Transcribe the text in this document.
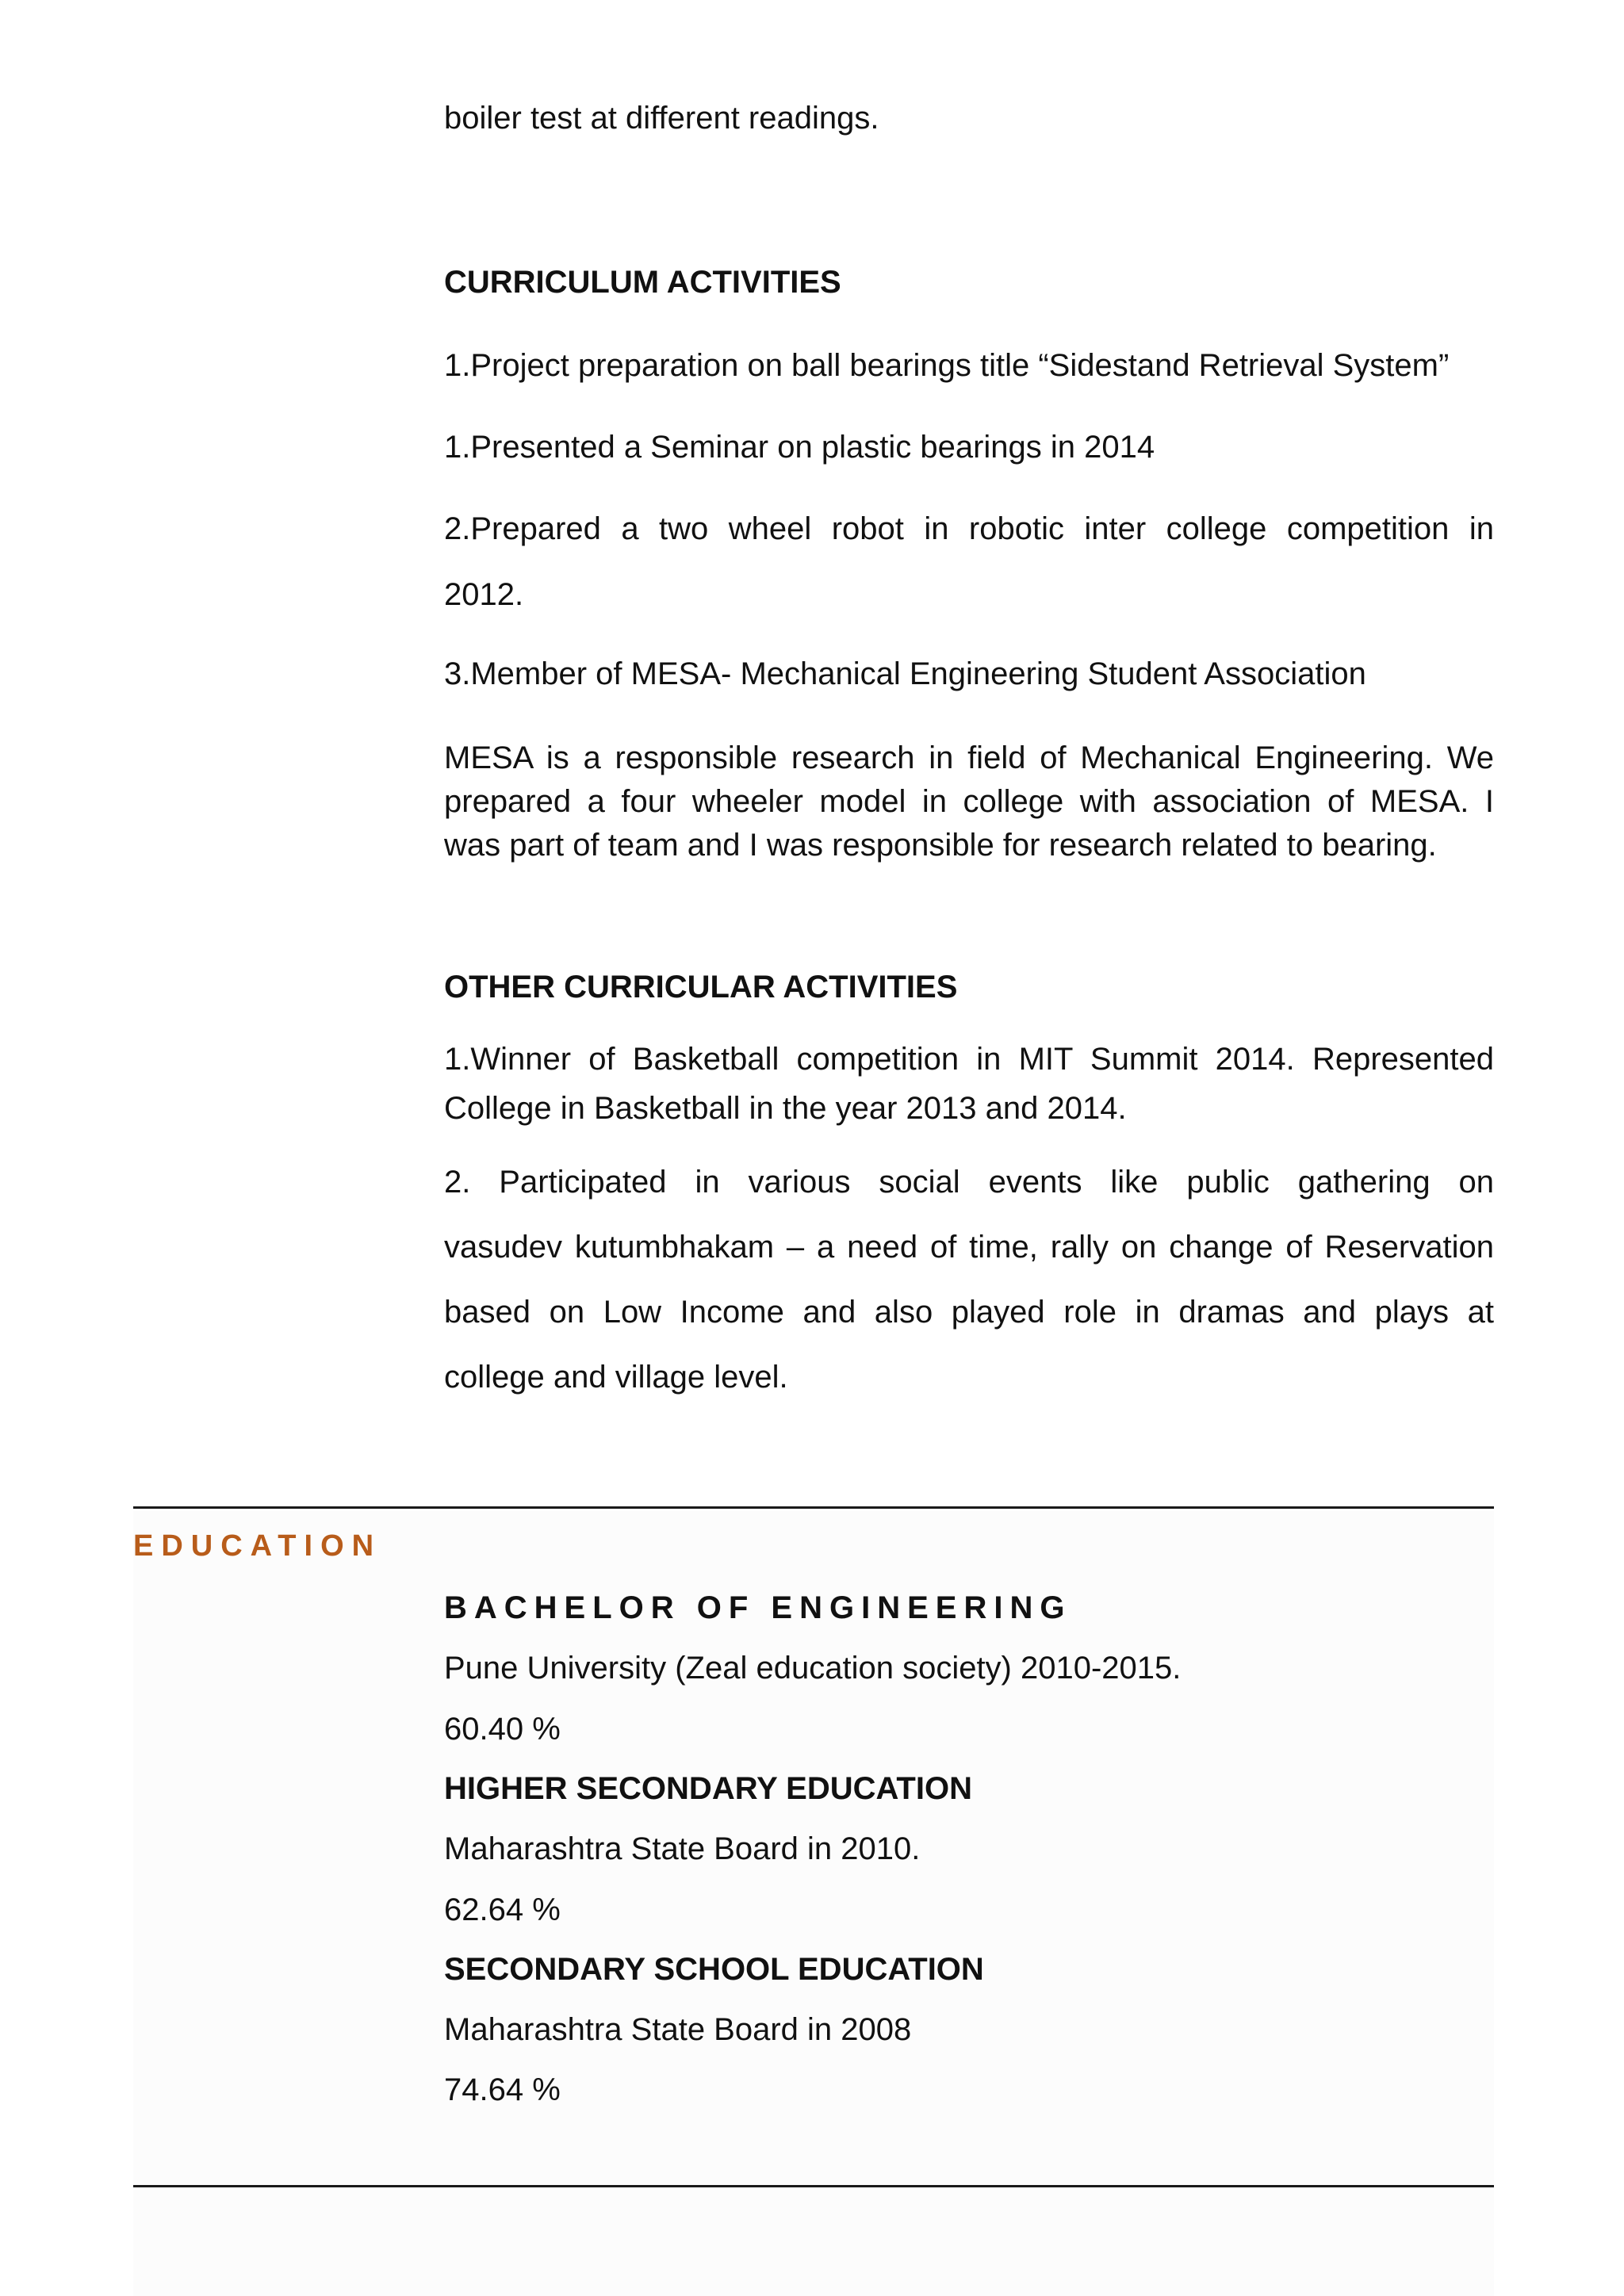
boiler test at different readings.

CURRICULUM ACTIVITIES

1.Project preparation on ball bearings title “Sidestand Retrieval System”

1.Presented a Seminar on plastic bearings in 2014

2.Prepared a two wheel robot in robotic inter college competition in

2012.

3.Member of MESA- Mechanical Engineering Student Association

MESA is a responsible research in field of Mechanical Engineering. We
prepared a four wheeler model in college with association of MESA. I
was part of team and I was responsible for research related to bearing.

OTHER CURRICULAR ACTIVITIES

1.Winner of Basketball competition in MIT Summit 2014. Represented
College in Basketball in the year 2013 and 2014.
2. Participated in various social events like public gathering on
vasudev kutumbhakam – a need of time, rally on change of Reservation
based on Low Income and also played role in dramas and plays at
college and village level.

EDUCATION

BACHELOR OF ENGINEERING

Pune University (Zeal education society) 2010-2015.

60.40 %

HIGHER SECONDARY EDUCATION

Maharashtra State Board in 2010.

62.64 %

SECONDARY SCHOOL EDUCATION

Maharashtra State Board in 2008

74.64 %
